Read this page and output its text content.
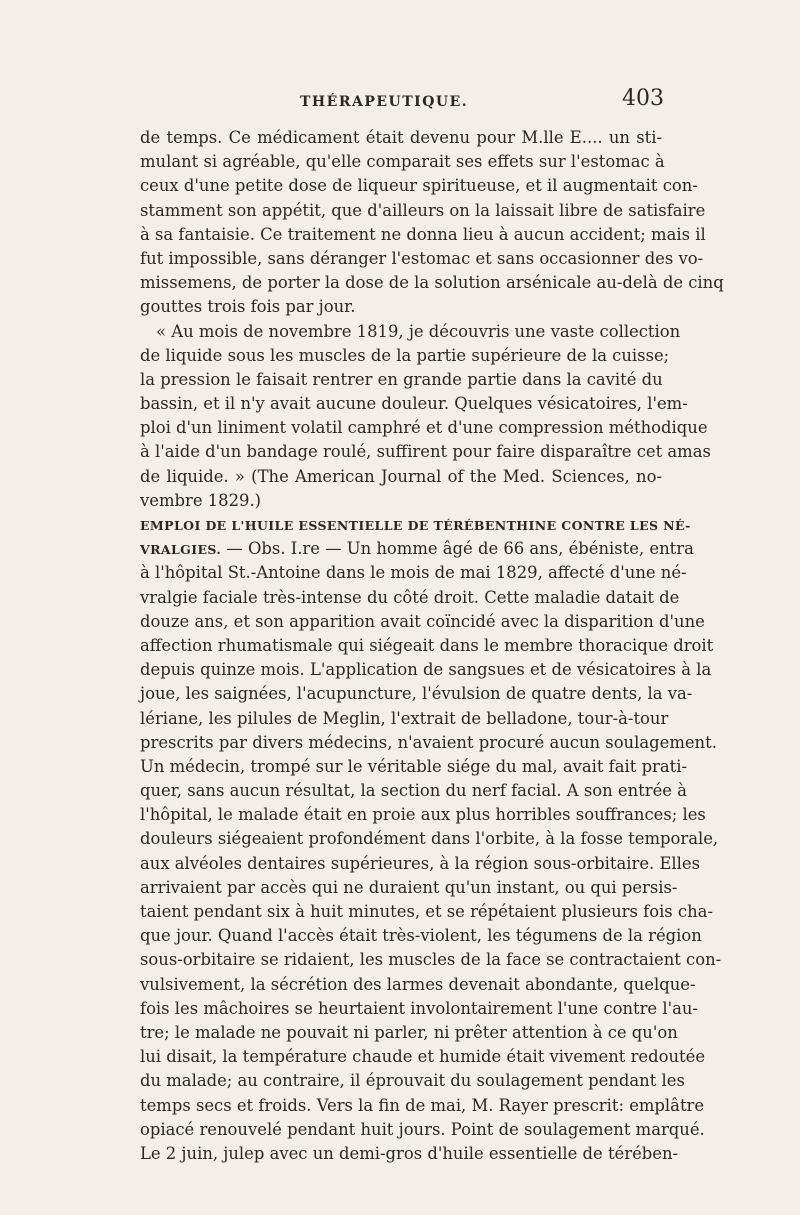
THÉRAPEUTIQUE.	403
de temps. Ce médicament était devenu pour M.lle E.... un sti-
mulant si agréable, qu'elle comparait ses effets sur l'estomac à
ceux d'une petite dose de liqueur spiritueuse, et il augmentait con-
stamment son appétit, que d'ailleurs on la laissait libre de satisfaire
à sa fantaisie. Ce traitement ne donna lieu à aucun accident; mais il
fut impossible, sans déranger l'estomac et sans occasionner des vo-
missemens, de porter la dose de la solution arsénicale au-delà de cinq
gouttes trois fois par jour.
« Au mois de novembre 1819, je découvris une vaste collection
de liquide sous les muscles de la partie supérieure de la cuisse;
la pression le faisait rentrer en grande partie dans la cavité du
bassin, et il n'y avait aucune douleur. Quelques vésicatoires, l'em-
ploi d'un liniment volatil camphré et d'une compression méthodique
à l'aide d'un bandage roulé, suffirent pour faire disparaître cet amas
de liquide. » (The American Journal of the Med. Sciences, no-
vembre 1829.)
EMPLOI DE L'HUILE ESSENTIELLE DE TÉRÉBENTHINE CONTRE LES NÉ-
VRALGIES. — Obs. I.re — Un homme âgé de 66 ans, ébéniste, entra
à l'hôpital St.-Antoine dans le mois de mai 1829, affecté d'une né-
vralgie faciale très-intense du côté droit. Cette maladie datait de
douze ans, et son apparition avait coïncidé avec la disparition d'une
affection rhumatismale qui siégeait dans le membre thoracique droit
depuis quinze mois. L'application de sangsues et de vésicatoires à la
joue, les saignées, l'acupuncture, l'évulsion de quatre dents, la va-
lériane, les pilules de Meglin, l'extrait de belladone, tour-à-tour
prescrits par divers médecins, n'avaient procuré aucun soulagement.
Un médecin, trompé sur le véritable siége du mal, avait fait prati-
quer, sans aucun résultat, la section du nerf facial. A son entrée à
l'hôpital, le malade était en proie aux plus horribles souffrances; les
douleurs siégeaient profondément dans l'orbite, à la fosse temporale,
aux alvéoles dentaires supérieures, à la région sous-orbitaire. Elles
arrivaient par accès qui ne duraient qu'un instant, ou qui persis-
taient pendant six à huit minutes, et se répétaient plusieurs fois cha-
que jour. Quand l'accès était très-violent, les tégumens de la région
sous-orbitaire se ridaient, les muscles de la face se contractaient con-
vulsivement, la sécrétion des larmes devenait abondante, quelque-
fois les mâchoires se heurtaient involontairement l'une contre l'au-
tre; le malade ne pouvait ni parler, ni prêter attention à ce qu'on
lui disait, la température chaude et humide était vivement redoutée
du malade; au contraire, il éprouvait du soulagement pendant les
temps secs et froids. Vers la fin de mai, M. Rayer prescrit: emplâtre
opiacé renouvelé pendant huit jours. Point de soulagement marqué.
Le 2 juin, julep avec un demi-gros d'huile essentielle de térében-
